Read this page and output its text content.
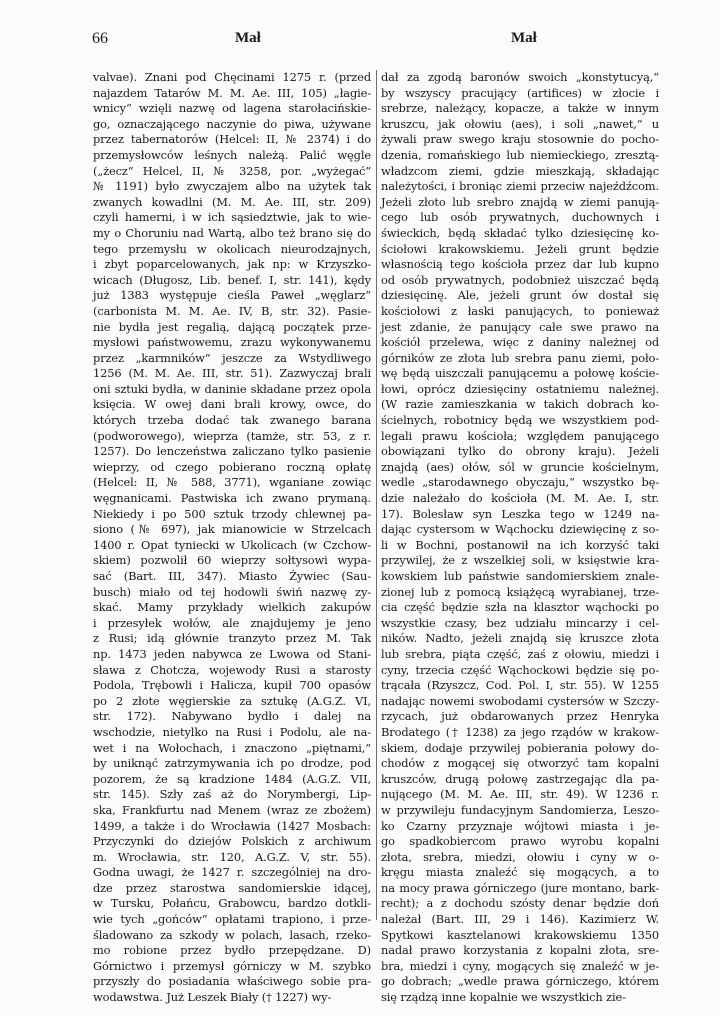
66	Mał	Mał
valvae). Znani pod Chęcinami 1275 r. (przed
najazdem Tatarów M. M. Ae. III, 105) „łagie-
wnicy“ wzięli nazwę od lagena starołacińskie-
go, oznaczającego naczynie do piwa, używane
przez tabernatorów (Helcel: II, № 2374) i do
przemysłowców leśnych należą. Palić węgle
(„żecz“ Helcel, II, № 3258, por. „wyżegać“
№ 1191) było zwyczajem albo na użytek tak
zwanych kowadlni (M. M. Ae. III, str. 209)
czyli hamerni, i w ich sąsiedztwie, jak to wie-
my o Choruniu nad Wartą, albo też brano się do
tego przemysłu w okolicach nieurodzajnych,
i zbyt poparcelowanych, jak np: w Krzyszko-
wicach (Długosz, Lib. benef. I, str. 141), kędy
już 1383 występuje cieśla Paweł „węglarz“
(carbonista M. M. Ae. IV, B, str. 32). Pasie-
nie bydła jest regalią, dającą początek prze-
mysłowi państwowemu, zrazu wykonywanemu
przez „karmników“ jeszcze za Wstydliwego
1256 (M. M. Ae. III, str. 51). Zazwyczaj brali
oni sztuki bydła, w daninie składane przez opola
księcia. W owej dani brali krowy, owce, do
których trzeba dodać tak zwanego barana
(podworowego), wieprza (tamże, str. 53, z r.
1257). Do lenczeństwa zaliczano tylko pasienie
wieprzy, od czego pobierano roczną opłatę
(Helcel: II, № 588, 3771), wganiane zowiąc
węgnanicami. Pastwiska ich zwano prymaną.
Niekiedy i po 500 sztuk trzody chlewnej pa-
siono (№ 697), jak mianowicie w Strzelcach
1400 r. Opat tyniecki w Ukolicach (w Czchow-
skiem) pozwolił 60 wieprzy sołtysowi wypa-
sać (Bart. III, 347). Miasto Żywiec (Sau-
busch) miało od tej hodowli świń nazwę zy-
skać. Mamy przykłady wielkich zakupów
i przesyłek wołów, ale znajdujemy je jeno
z Rusi; idą głównie tranzyto przez M. Tak
np. 1473 jeden nabywca ze Lwowa od Stani-
sława z Chotcza, wojewody Rusi a starosty
Podola, Trębowli i Halicza, kupił 700 opasów
po 2 złote węgierskie za sztukę (A.G.Z. VI,
str. 172). Nabywano bydło i dalej na
wschodzie, nietylko na Rusi i Podolu, ale na-
wet i na Wołochach, i znaczono „piętnami,“
by uniknąć zatrzymywania ich po drodze, pod
pozorem, że są kradzione 1484 (A.G.Z. VII,
str. 145). Szły zaś aż do Norymbergi, Lip-
ska, Frankfurtu nad Menem (wraz ze zbożem)
1499, a także i do Wrocławia (1427 Mosbach:
Przyczynki do dziejów Polskich z archiwum
m. Wrocławia, str. 120, A.G.Z. V, str. 55).
Godna uwagi, że 1427 r. szczególniej na dro-
dze przez starostwa sandomierskie idącej,
w Tursku, Połańcu, Grabowcu, bardzo dotkli-
wie tych „gońców“ opłatami trapiono, i prze-
śladowano za szkody w polach, lasach, rzeko-
mo robione przez bydło przepędzane. D)
Górnictwo i przemysł górniczy w M. szybko
przyszły do posiadania właściwego sobie pra-
wodawstwa. Już Leszek Biały († 1227) wy-
dał za zgodą baronów swoich „konstytucyą,“
by wszyscy pracujący (artifices) w złocie i
srebrze, należący, kopacze, a także w innym
kruszcu, jak ołowiu (aes), i soli „nawet,“ u
żywali praw swego kraju stosownie do pocho-
dzenia, romańskiego lub niemieckiego, zresztą-
władzcom ziemi, gdzie mieszkają, składając
należytości, i broniąc ziemi przeciw najeźdźcom.
Jeżeli złoto lub srebro znajdą w ziemi panują-
cego lub osób prywatnych, duchownych i
świeckich, będą składać tylko dziesięcinę ko-
ściołowi krakowskiemu. Jeżeli grunt będzie
własnością tego kościoła przez dar lub kupno
od osób prywatnych, podobnież uiszczać będą
dziesięcinę. Ale, jeżeli grunt ów dostał się
kościołowi z łaski panujących, to ponieważ
jest zdanie, że panujący całe swe prawo na
kościół przelewa, więc z daniny należnej od
górników ze złota lub srebra panu ziemi, poło-
wę będą uiszczali panującemu a połowę koście-
łowi, oprócz dziesięciny ostatniemu należnej.
(W razie zamieszkania w takich dobrach ko-
ścielnych, robotnicy będą we wszystkiem pod-
legali prawu kościoła; względem panującego
obowiązani tylko do obrony kraju). Jeżeli
znajdą (aes) ołów, sól w gruncie kościelnym,
wedle „starodawnego obyczaju,“ wszystko bę-
dzie należało do kościoła (M. M. Ae. I, str.
17). Bolesław syn Leszka tego w 1249 na-
dając cystersom w Wąchocku dziewięcinę z so-
li w Bochni, postanowił na ich korzyść taki
przywilej, że z wszelkiej soli, w księstwie kra-
kowskiem lub państwie sandomierskiem znale-
zionej lub z pomocą książęcą wyrabianej, trze-
cia część będzie szła na klasztor wąchocki po
wszystkie czasy, bez udziału mincarzy i cel-
ników. Nadto, jeżeli znajdą się kruszce złota
lub srebra, piąta część, zaś z ołowiu, miedzi i
cyny, trzecia część Wąchockowi będzie się po-
trącała (Rzyszcz, Cod. Pol. I, str. 55). W 1255
nadając nowemi swobodami cystersów w Szczy-
rzycach, już obdarowanych przez Henryka
Brodatego († 1238) za jego rządów w krakow-
skiem, dodaje przywilej pobierania połowy do-
chodów z mogącej się otworzyć tam kopalni
kruszców, drugą połowę zastrzegając dla pa-
nującego (M. M. Ae. III, str. 49). W 1236 r.
w przywileju fundacyjnym Sandomierza, Leszo-
ko Czarny przyznaje wójtowi miasta i je-
go spadkobiercom prawo wyrobu kopalni
złota, srebra, miedzi, ołowiu i cyny w o-
kręgu miasta znaleźć się mogących, a to
na mocy prawa górniczego (jure montano, bark-
recht); a z dochodu szósty denar będzie doń
należał (Bart. III, 29 i 146). Kazimierz W.
Spytkowi kasztelanowi krakowskiemu 1350
nadał prawo korzystania z kopalni złota, sre-
bra, miedzi i cyny, mogących się znaleźć w je-
go dobrach; „wedle prawa górniczego, którem
się rządzą inne kopalnie we wszystkich zie-
